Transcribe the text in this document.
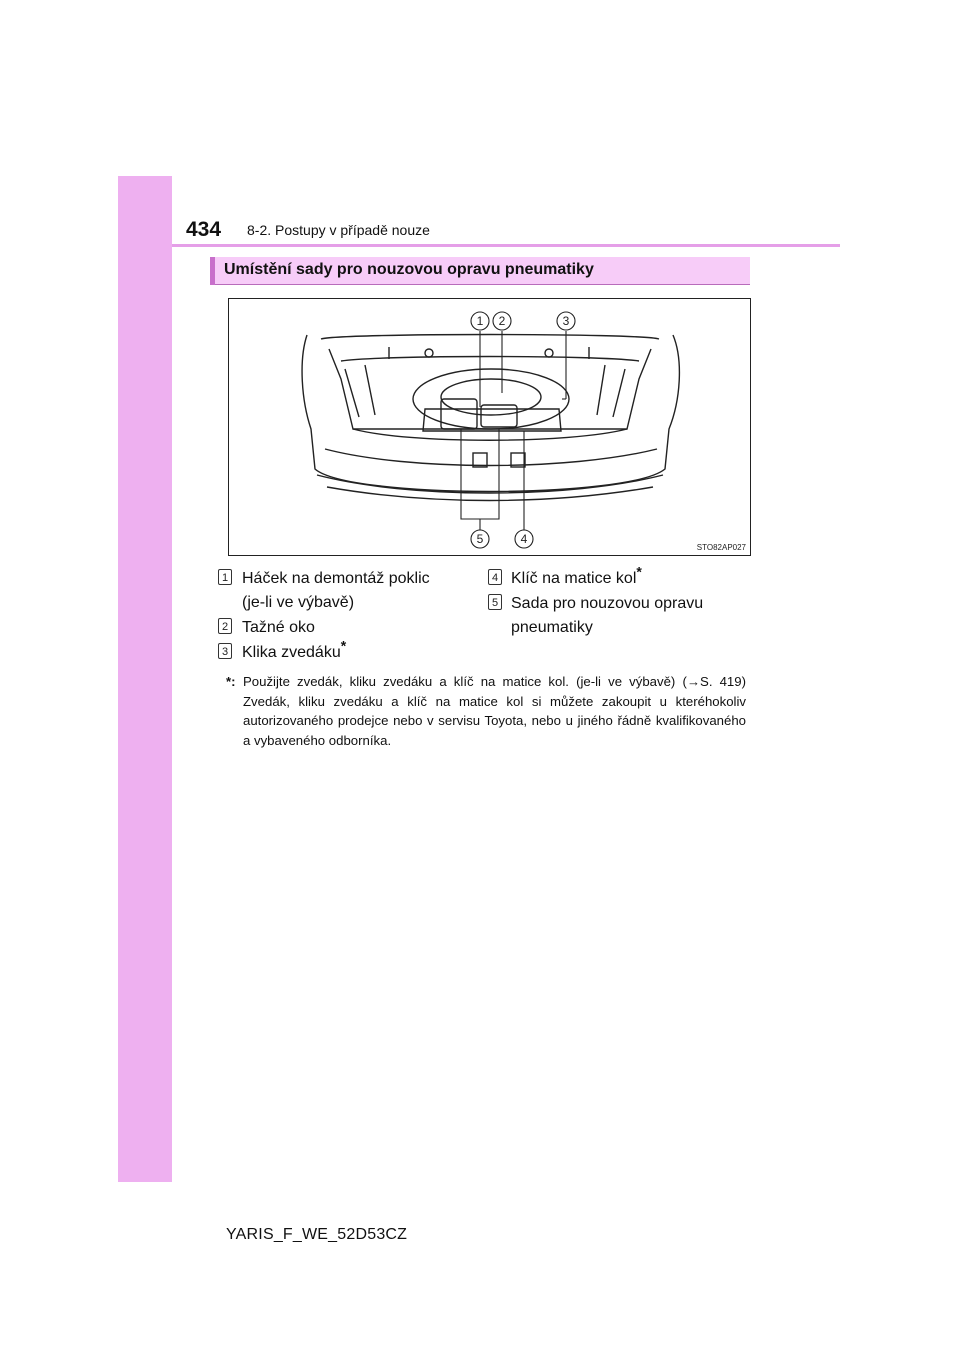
434 8-2. Postupy v případě nouze
Umístění sady pro nouzovou opravu pneumatiky
1 2	3
4
5
STO82AP027
1 Háček na demontáž poklic
(je-li ve výbavě)
2 Tažné oko
3 Klika zvedáku*
4 Klíč na matice kol*
5 Sada pro nouzovou opravu
pneumatiky
*: Použijte zvedák, kliku zvedáku a klíč na matice kol. (je-li ve výbavě) (→S. 419) Zvedák, kliku zvedáku a klíč na matice kol si můžete zakoupit u kteréhokoliv autorizovaného prodejce nebo v servisu Toyota, nebo u jiného řádně kvalifikovaného a vybaveného odborníka.
YARIS_F_WE_52D53CZ
